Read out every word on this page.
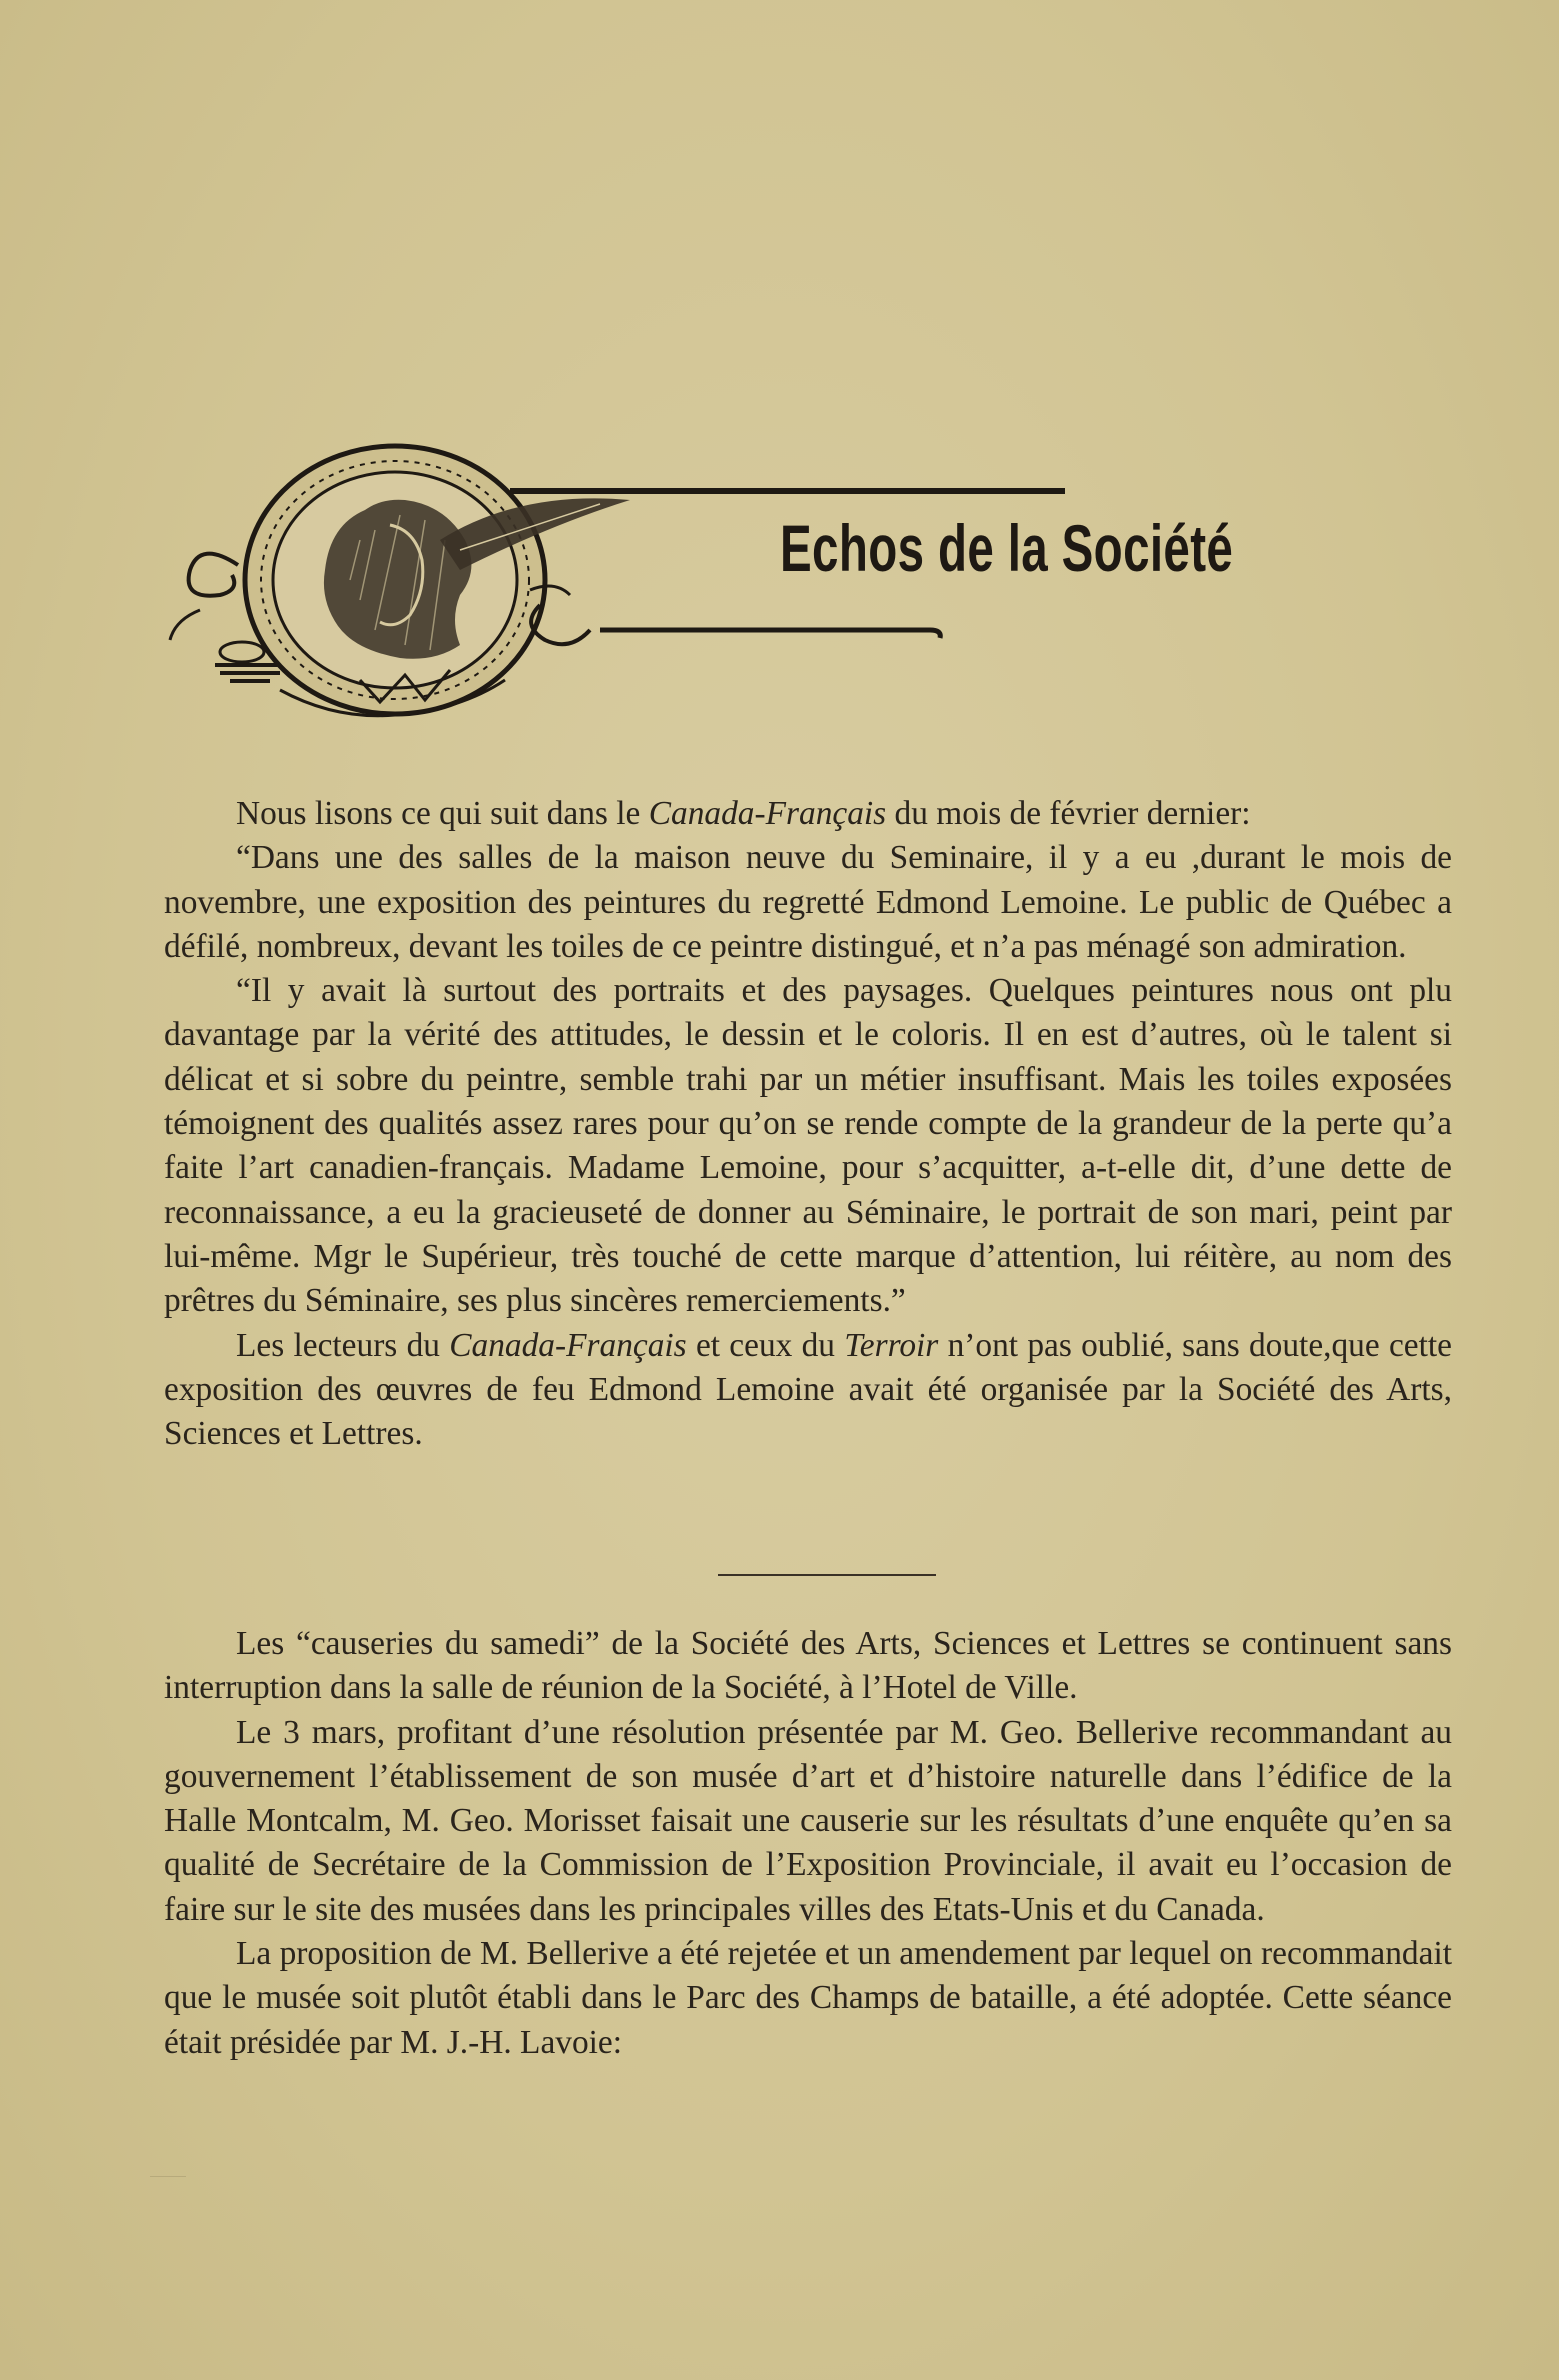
Echos de la Société

Nous lisons ce qui suit dans le Canada-Français du mois de février dernier:

“Dans une des salles de la maison neuve du Seminaire, il y a eu ,durant le mois de novembre, une exposition des peintures du regretté Edmond Lemoine. Le public de Québec a défilé, nombreux, devant les toiles de ce peintre distingué, et n’a pas ménagé son admiration.

“Il y avait là surtout des portraits et des paysages. Quelques peintures nous ont plu davantage par la vérité des attitudes, le dessin et le coloris. Il en est d’autres, où le talent si délicat et si sobre du peintre, semble trahi par un métier insuffisant. Mais les toiles exposées témoignent des qualités assez rares pour qu’on se rende compte de la grandeur de la perte qu’a faite l’art canadien-français. Madame Lemoine, pour s’acquitter, a-t-elle dit, d’une dette de reconnaissance, a eu la gracieuseté de donner au Séminaire, le portrait de son mari, peint par lui-même. Mgr le Supérieur, très touché de cette marque d’attention, lui réitère, au nom des prêtres du Séminaire, ses plus sincères remerciements.”

Les lecteurs du Canada-Français et ceux du Terroir n’ont pas oublié, sans doute,que cette exposition des œuvres de feu Edmond Lemoine avait été organisée par la Société des Arts, Sciences et Lettres.

Les “causeries du samedi” de la Société des Arts, Sciences et Lettres se continuent sans interruption dans la salle de réunion de la Société, à l’Hotel de Ville.

Le 3 mars, profitant d’une résolution présentée par M. Geo. Bellerive recommandant au gouvernement l’établissement de son musée d’art et d’histoire naturelle dans l’édifice de la Halle Montcalm, M. Geo. Morisset faisait une causerie sur les résultats d’une enquête qu’en sa qualité de Secrétaire de la Commission de l’Exposition Provinciale, il avait eu l’occasion de faire sur le site des musées dans les principales villes des Etats-Unis et du Canada.

La proposition de M. Bellerive a été rejetée et un amendement par lequel on recommandait que le musée soit plutôt établi dans le Parc des Champs de bataille, a été adoptée. Cette séance était présidée par M. J.-H. Lavoie:
